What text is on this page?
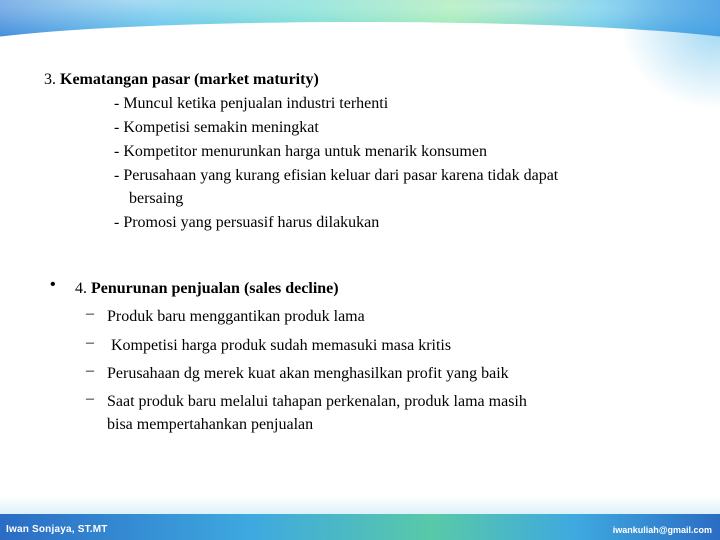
3. Kematangan pasar (market maturity)
- Muncul ketika penjualan industri terhenti
- Kompetisi semakin meningkat
- Kompetitor menurunkan harga untuk menarik konsumen
- Perusahaan yang kurang efisian keluar dari pasar karena tidak dapat
bersaing
- Promosi yang persuasif harus dilakukan
• 4. Penurunan penjualan (sales decline)
– Produk baru menggantikan produk lama
– Kompetisi harga produk sudah memasuki masa kritis
– Perusahaan dg merek kuat akan menghasilkan profit yang baik
– Saat produk baru melalui tahapan perkenalan, produk lama masih
bisa mempertahankan penjualan
Iwan Sonjaya, ST.MT	iwankuliah@gmail.com
